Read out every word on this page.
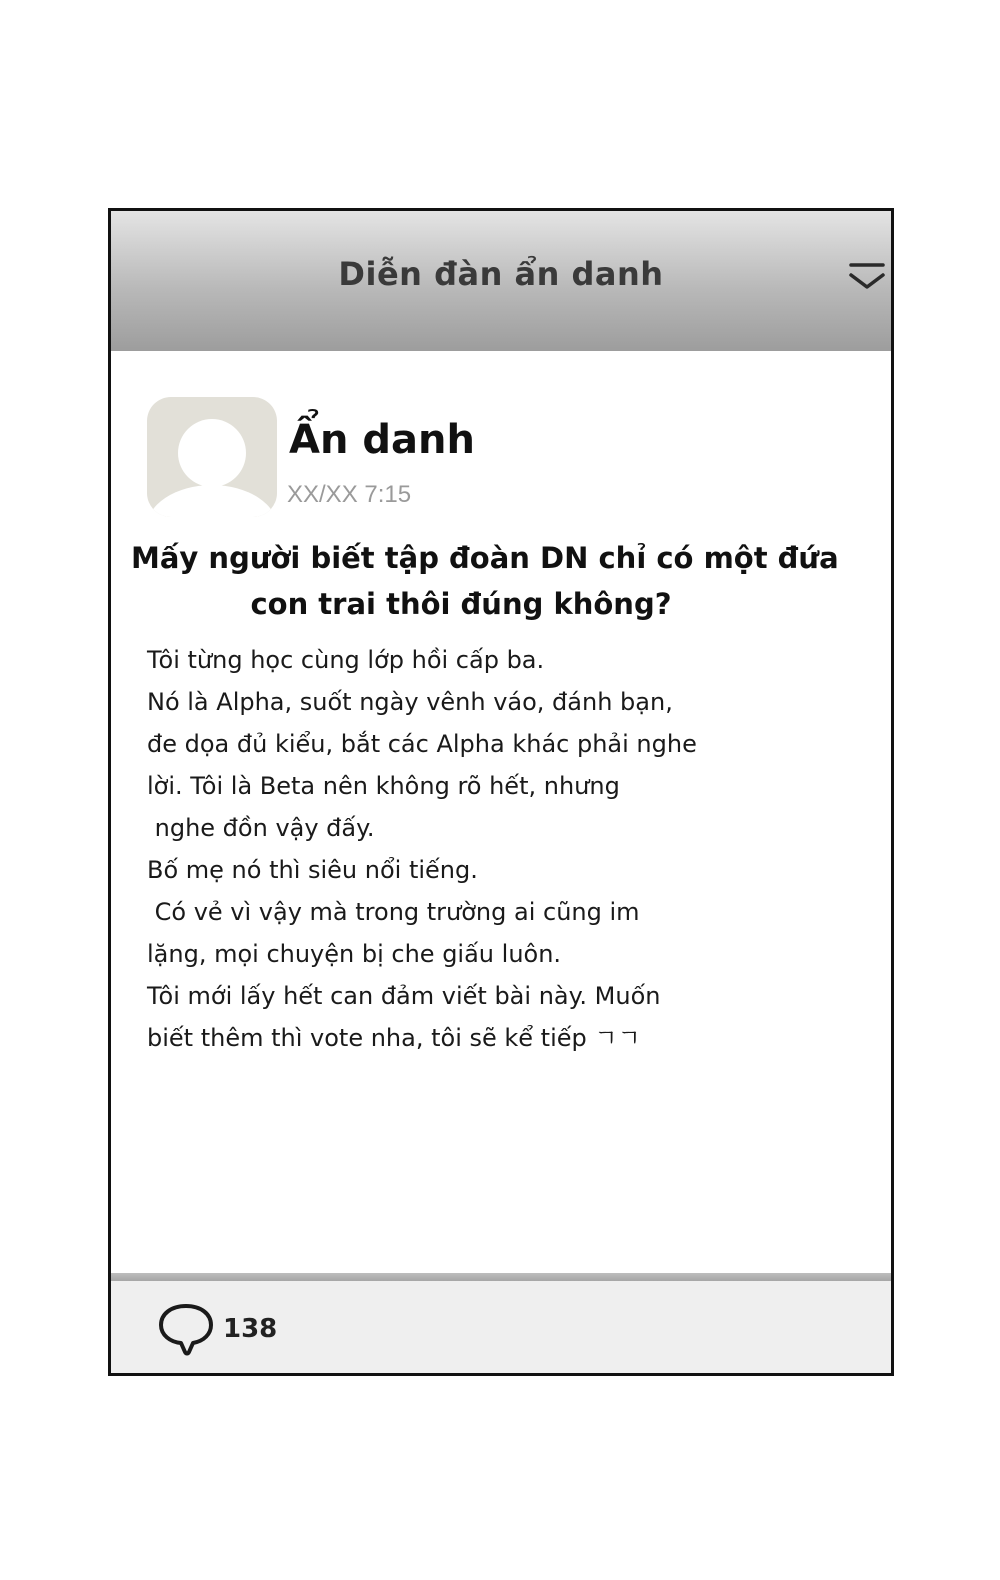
Diễn đàn ẩn danh
Ẩn danh
XX/XX 7:15
Mấy người biết tập đoàn DN chỉ có một đứa
con trai thôi đúng không?
Tôi từng học cùng lớp hồi cấp ba.
Nó là Alpha, suốt ngày vênh váo, đánh bạn,
đe dọa đủ kiểu, bắt các Alpha khác phải nghe
lời. Tôi là Beta nên không rõ hết, nhưng
nghe đồn vậy đấy.
Bố mẹ nó thì siêu nổi tiếng.
Có vẻ vì vậy mà trong trường ai cũng im
lặng, mọi chuyện bị che giấu luôn.
Tôi mới lấy hết can đảm viết bài này. Muốn
biết thêm thì vote nha, tôi sẽ kể tiếp ㄱㄱ
138
